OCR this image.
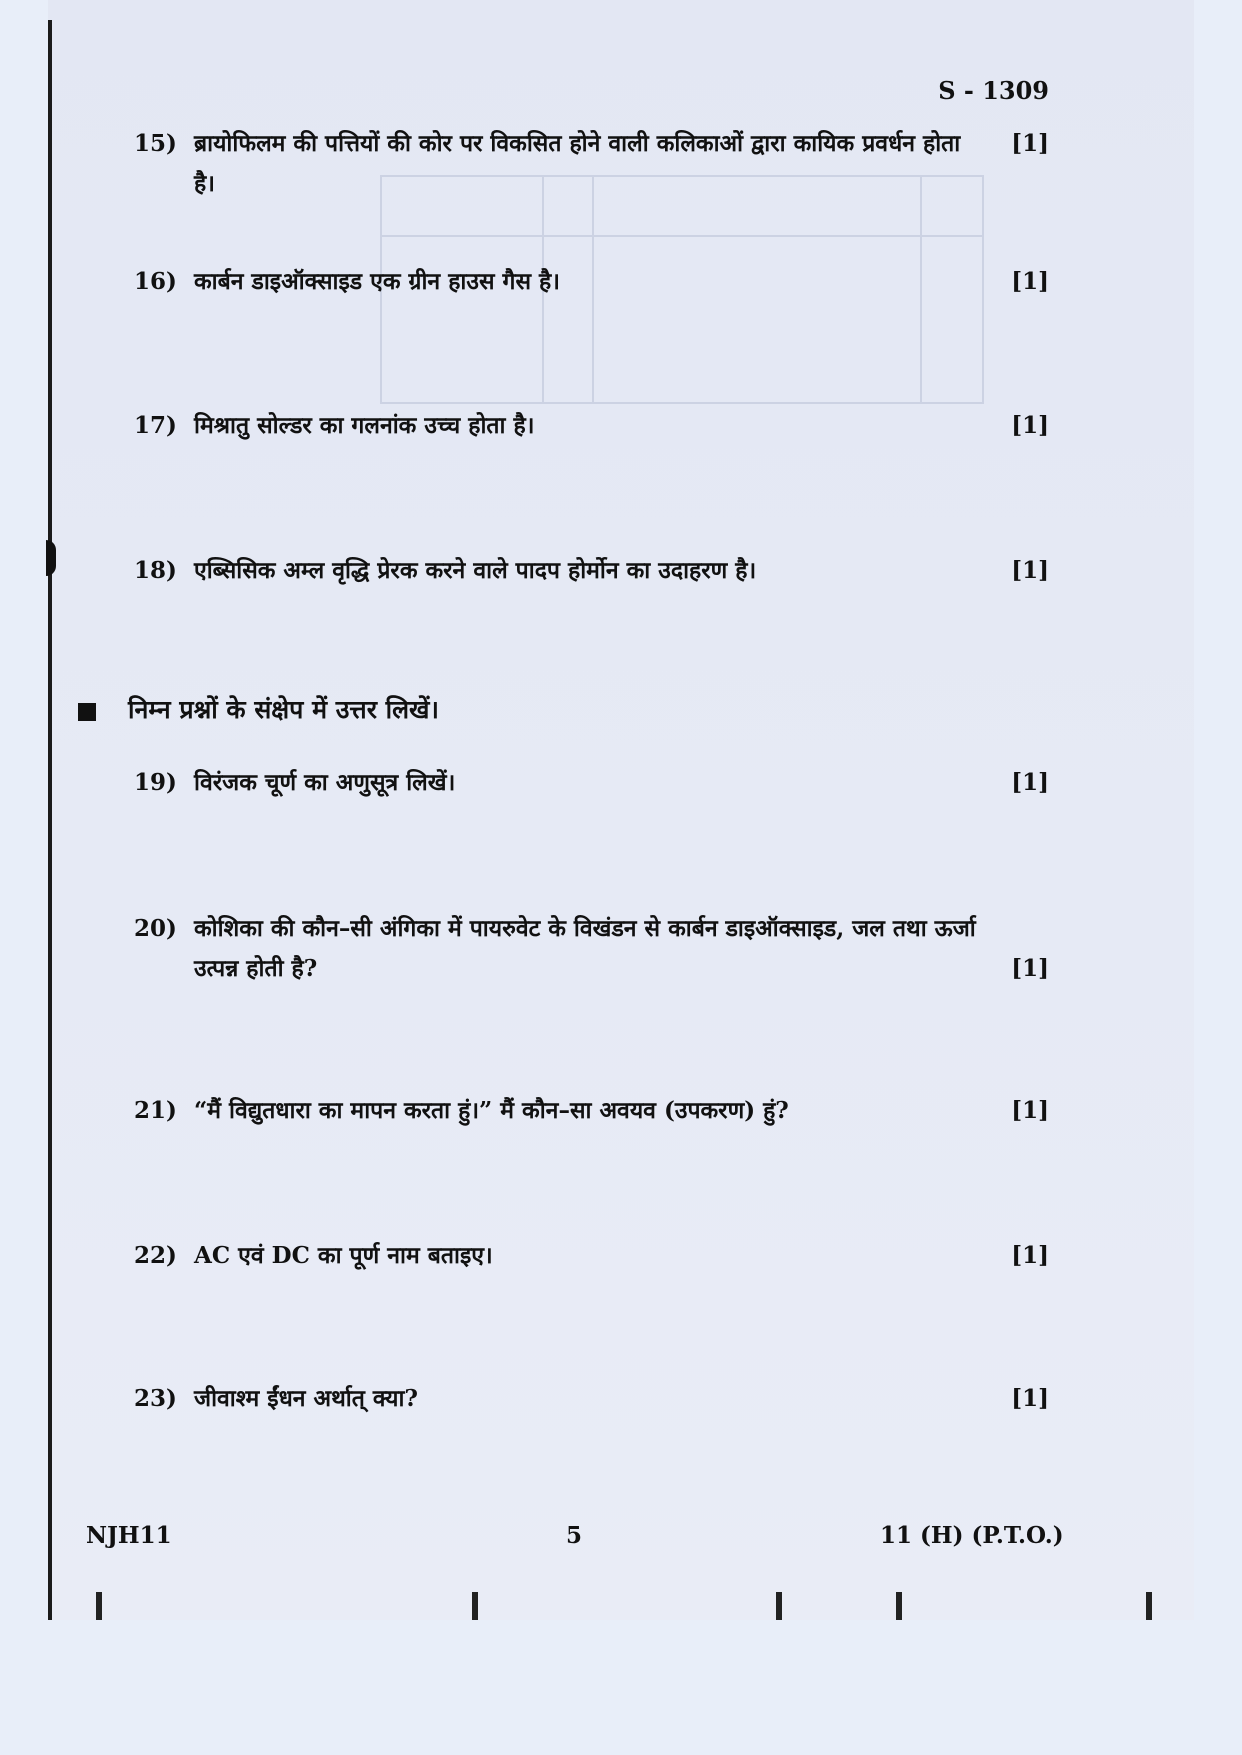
S - 1309
15) ब्रायोफिलम की पत्तियों की कोर पर विकसित होने वाली कलिकाओं द्वारा कायिक प्रवर्धन होता है।
[1]
16) कार्बन डाइऑक्साइड एक ग्रीन हाउस गैस है।	[1]
17) मिश्रातु सोल्डर का गलनांक उच्च होता है।	[1]
18) एब्सिसिक अम्ल वृद्धि प्रेरक करने वाले पादप होर्मोन का उदाहरण है।	[1]
निम्न प्रश्नों के संक्षेप में उत्तर लिखें।
19) विरंजक चूर्ण का अणुसूत्र लिखें।	[1]
20) कोशिका की कौन–सी अंगिका में पायरुवेट के विखंडन से कार्बन डाइऑक्साइड, जल तथा ऊर्जा उत्पन्न होती है?	[1]
21) “मैं विद्युतधारा का मापन करता हुं।” मैं कौन–सा अवयव (उपकरण) हुं?	[1]
22) AC एवं DC का पूर्ण नाम बताइए।	[1]
23) जीवाश्म ईंधन अर्थात् क्या?	[1]
NJH11	5	11 (H) (P.T.O.)
